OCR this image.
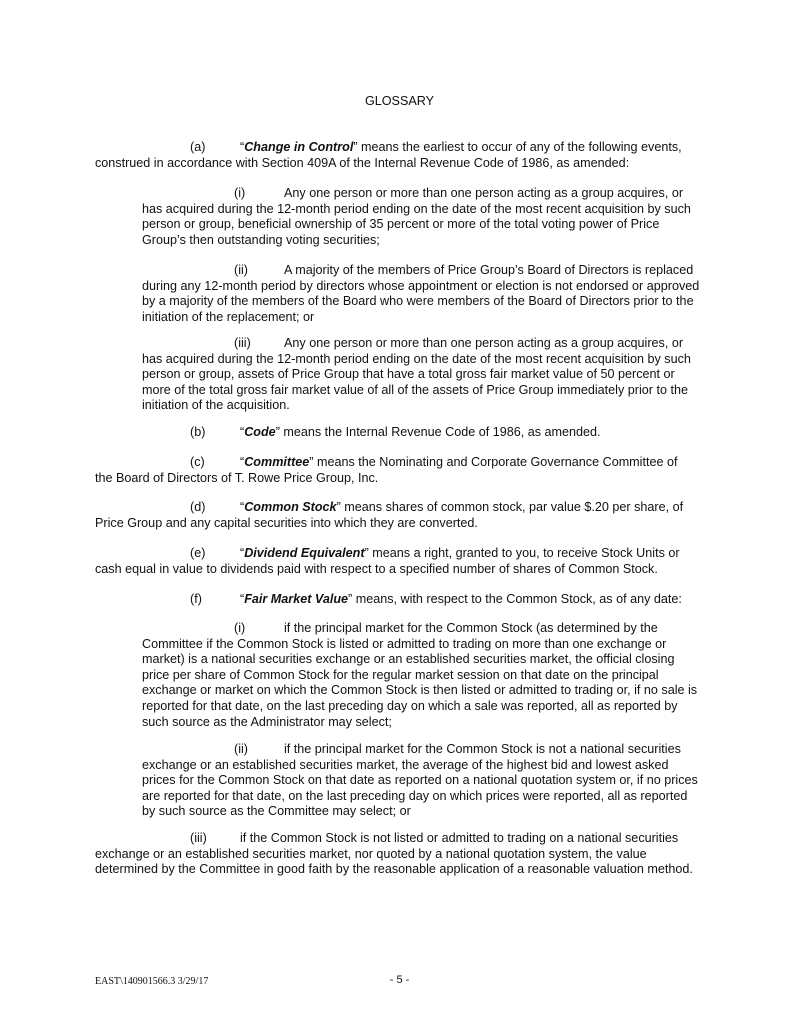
GLOSSARY
(a)	“Change in Control” means the earliest to occur of any of the following events, construed in accordance with Section 409A of the Internal Revenue Code of 1986, as amended:
(i)	Any one person or more than one person acting as a group acquires, or has acquired during the 12-month period ending on the date of the most recent acquisition by such person or group, beneficial ownership of 35 percent or more of the total voting power of Price Group’s then outstanding voting securities;
(ii)	A majority of the members of Price Group’s Board of Directors is replaced during any 12-month period by directors whose appointment or election is not endorsed or approved by a majority of the members of the Board who were members of the Board of Directors prior to the initiation of the replacement; or
(iii)	Any one person or more than one person acting as a group acquires, or has acquired during the 12-month period ending on the date of the most recent acquisition by such person or group, assets of Price Group that have a total gross fair market value of 50 percent or more of the total gross fair market value of all of the assets of Price Group immediately prior to the initiation of the acquisition.
(b)	“Code” means the Internal Revenue Code of 1986, as amended.
(c)	“Committee” means the Nominating and Corporate Governance Committee of the Board of Directors of T. Rowe Price Group, Inc.
(d)	“Common Stock” means shares of common stock, par value $.20 per share, of Price Group and any capital securities into which they are converted.
(e)	“Dividend Equivalent” means a right, granted to you, to receive Stock Units or cash equal in value to dividends paid with respect to a specified number of shares of Common Stock.
(f)	“Fair Market Value” means, with respect to the Common Stock, as of any date:
(i)	if the principal market for the Common Stock (as determined by the Committee if the Common Stock is listed or admitted to trading on more than one exchange or market) is a national securities exchange or an established securities market, the official closing price per share of Common Stock for the regular market session on that date on the principal exchange or market on which the Common Stock is then listed or admitted to trading or, if no sale is reported for that date, on the last preceding day on which a sale was reported, all as reported by such source as the Administrator may select;
(ii)	if the principal market for the Common Stock is not a national securities exchange or an established securities market, the average of the highest bid and lowest asked prices for the Common Stock on that date as reported on a national quotation system or, if no prices are reported for that date, on the last preceding day on which prices were reported, all as reported by such source as the Committee may select; or
(iii)	if the Common Stock is not listed or admitted to trading on a national securities exchange or an established securities market, nor quoted by a national quotation system, the value determined by the Committee in good faith by the reasonable application of a reasonable valuation method.
EAST\140901566.3 3/29/17	- 5 -
